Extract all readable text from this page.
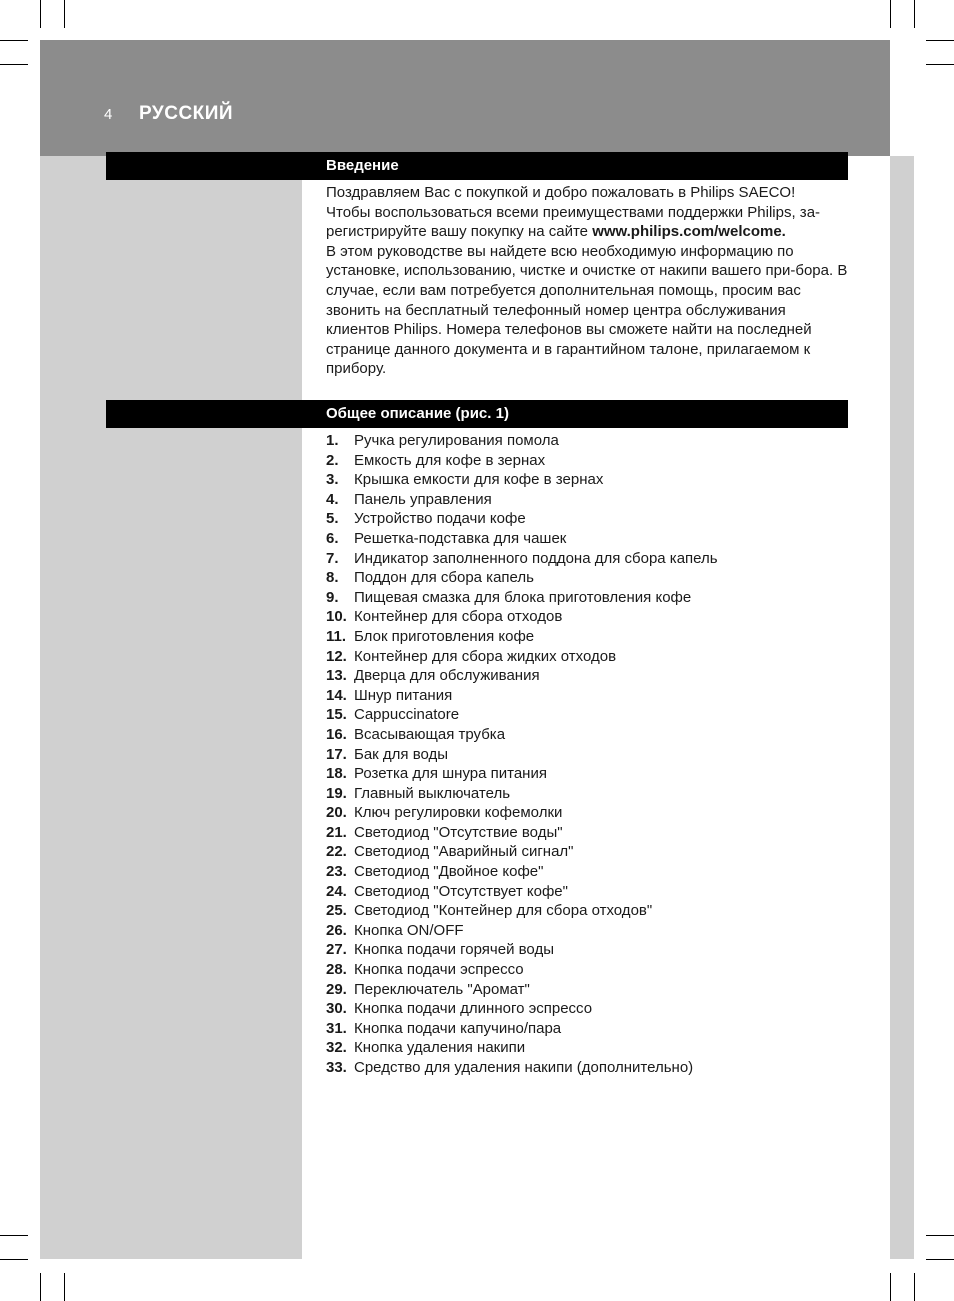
4 РУССКИЙ
Введение

Поздравляем Вас с покупкой и добро пожаловать в Philips SAECO!

Чтобы воспользоваться всеми преимуществами поддержки Philips, за-регистрируйте вашу покупку на сайте www.philips.com/welcome.

В этом руководстве вы найдете всю необходимую информацию по установке, использованию, чистке и очистке от накипи вашего при-бора. В случае, если вам потребуется дополнительная помощь, просим вас звонить на бесплатный телефонный номер центра обслуживания клиентов Philips. Номера телефонов вы сможете найти на последней странице данного документа и в гарантийном талоне, прилагаемом к прибору.

Общее описание (рис. 1)
1. Ручка регулирования помола
2. Емкость для кофе в зернах
3. Крышка емкости для кофе в зернах
4. Панель управления
5. Устройство подачи кофе
6. Решетка-подставка для чашек
7. Индикатор заполненного поддона для сбора капель
8. Поддон для сбора капель
9. Пищевая смазка для блока приготовления кофе
10. Контейнер для сбора отходов
11. Блок приготовления кофе
12. Контейнер для сбора жидких отходов
13. Дверца для обслуживания
14. Шнур питания
15. Cappuccinatore
16. Всасывающая трубка
17. Бак для воды
18. Розетка для шнура питания
19. Главный выключатель
20. Ключ регулировки кофемолки
21. Светодиод "Отсутствие воды"
22. Светодиод "Аварийный сигнал"
23. Светодиод "Двойное кофе"
24. Светодиод "Отсутствует кофе"
25. Светодиод "Контейнер для сбора отходов"
26. Кнопка ON/OFF
27. Кнопка подачи горячей воды
28. Кнопка подачи эспрессо
29. Переключатель "Аромат"
30. Кнопка подачи длинного эспрессо
31. Кнопка подачи капучино/пара
32. Кнопка удаления накипи
33. Средство для удаления накипи (дополнительно)
